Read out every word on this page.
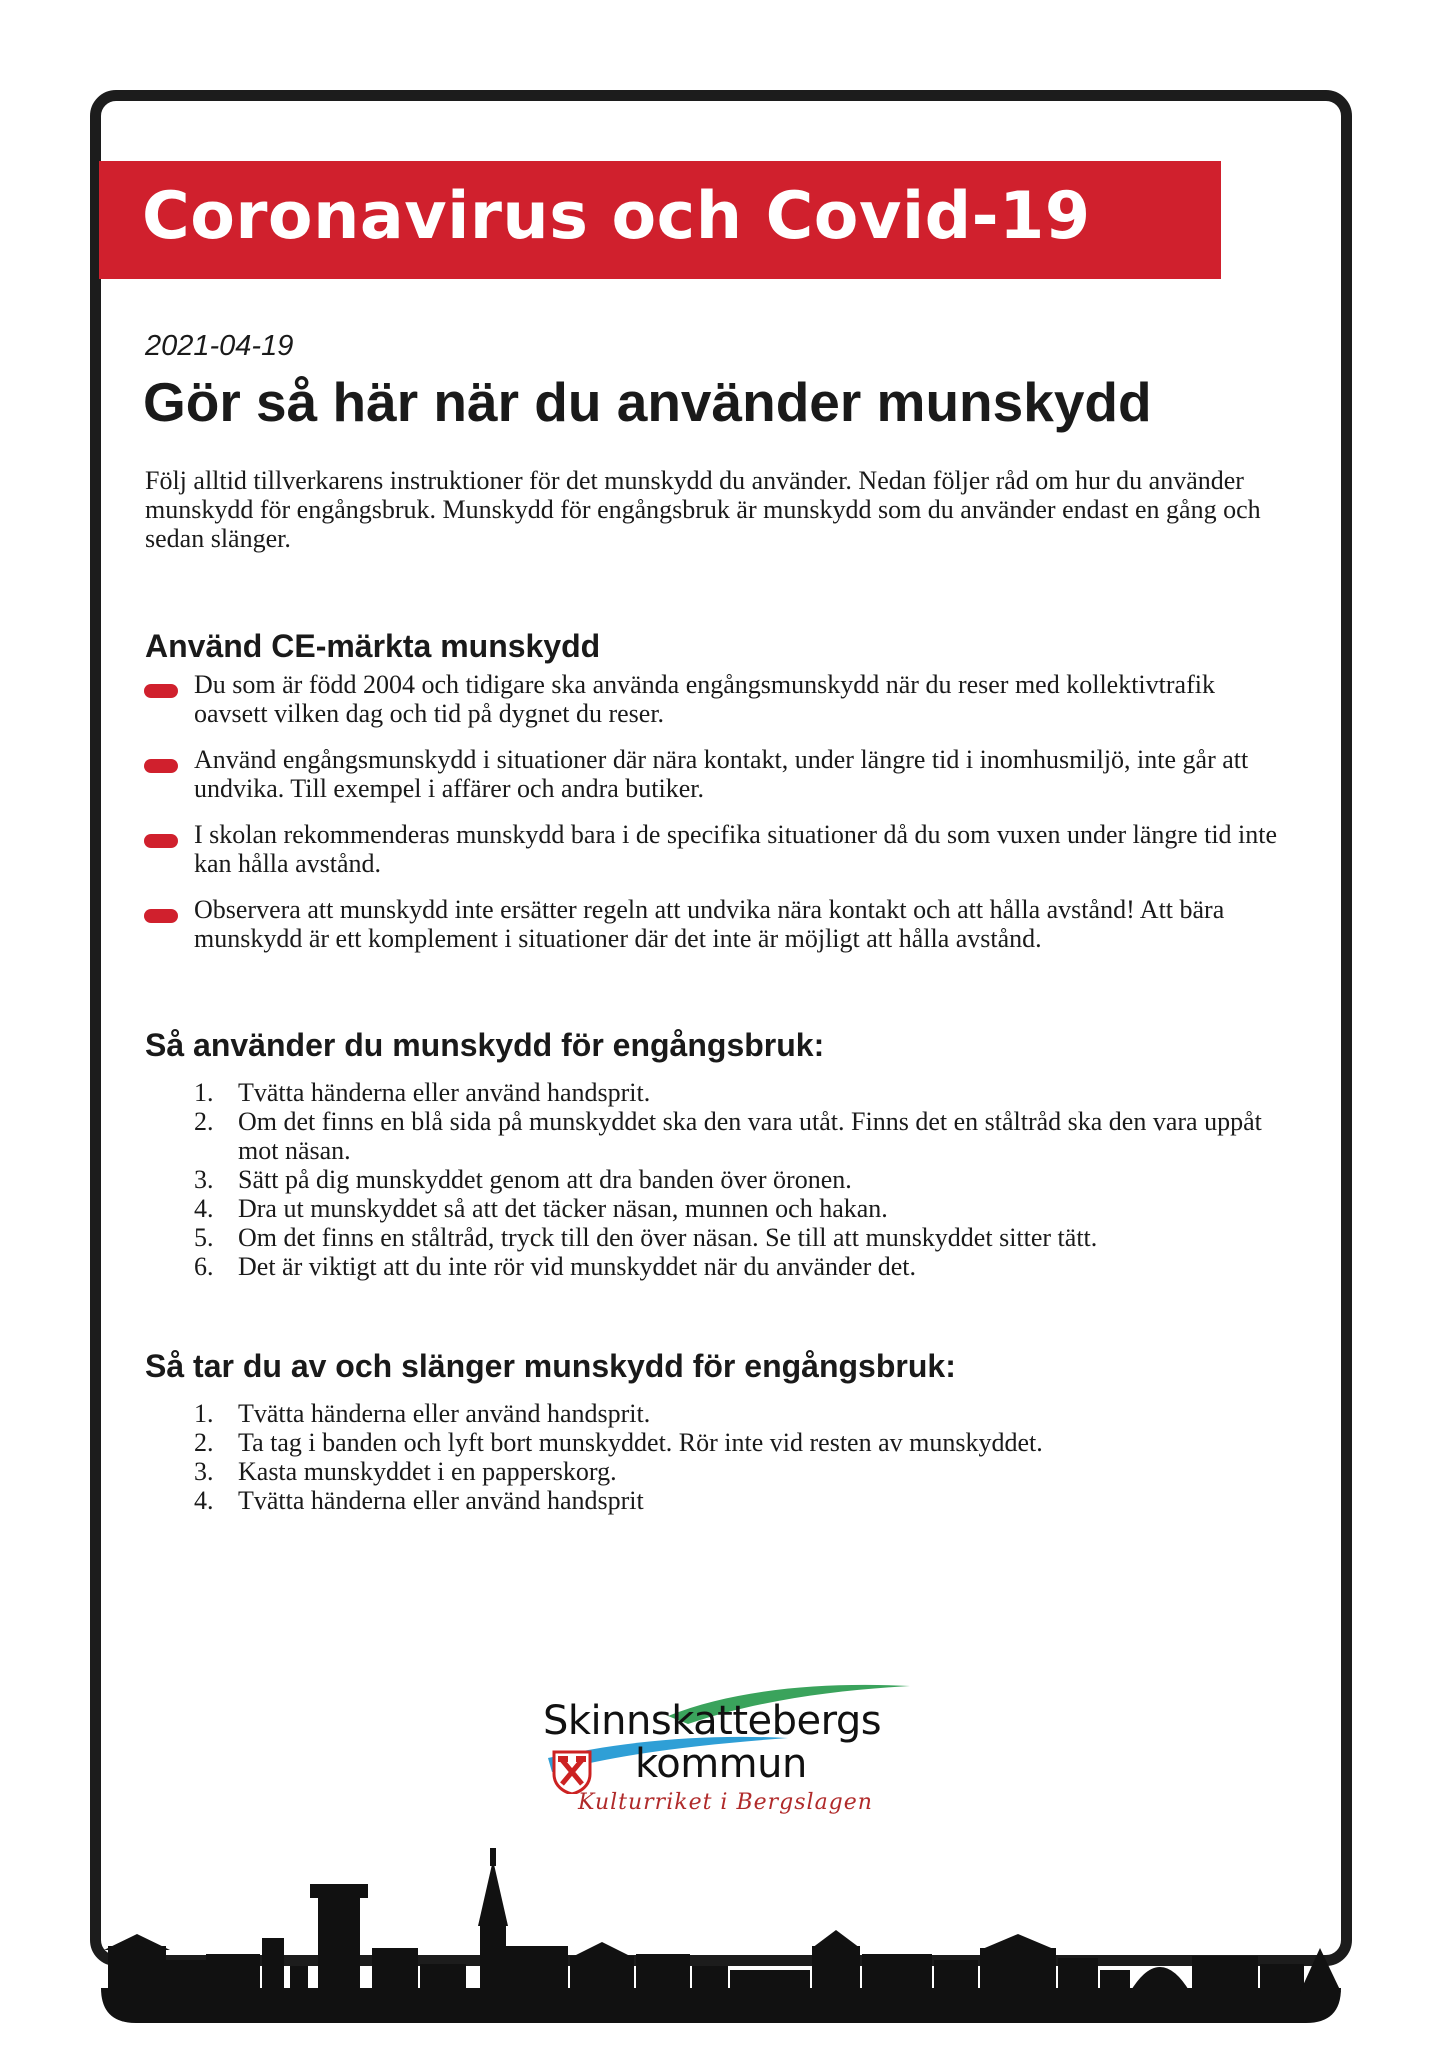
Coronavirus och Covid-19
2021-04-19
Gör så här när du använder munskydd

Följ alltid tillverkarens instruktioner för det munskydd du använder. Nedan följer råd om hur du använder munskydd för engångsbruk. Munskydd för engångsbruk är munskydd som du använder endast en gång och sedan slänger.

Använd CE-märkta munskydd
Du som är född 2004 och tidigare ska använda engångsmunskydd när du reser med kollektivtrafik oavsett vilken dag och tid på dygnet du reser.
Använd engångsmunskydd i situationer där nära kontakt, under längre tid i inomhusmiljö, inte går att undvika. Till exempel i affärer och andra butiker.
I skolan rekommenderas munskydd bara i de specifika situationer då du som vuxen under längre tid inte kan hålla avstånd.
Observera att munskydd inte ersätter regeln att undvika nära kontakt och att hålla avstånd! Att bära munskydd är ett komplement i situationer där det inte är möjligt att hålla avstånd.
Så använder du munskydd för engångsbruk:
1. Tvätta händerna eller använd handsprit.
2. Om det finns en blå sida på munskyddet ska den vara utåt. Finns det en ståltråd ska den vara uppåt mot näsan.
3. Sätt på dig munskyddet genom att dra banden över öronen.
4. Dra ut munskyddet så att det täcker näsan, munnen och hakan.
5. Om det finns en ståltråd, tryck till den över näsan. Se till att munskyddet sitter tätt.
6. Det är viktigt att du inte rör vid munskyddet när du använder det.
Så tar du av och slänger munskydd för engångsbruk:
1. Tvätta händerna eller använd handsprit.
2. Ta tag i banden och lyft bort munskyddet. Rör inte vid resten av munskyddet.
3. Kasta munskyddet i en papperskorg.
4. Tvätta händerna eller använd handsprit
Skinnskattebergs
kommun
Kulturriket i Bergslagen
